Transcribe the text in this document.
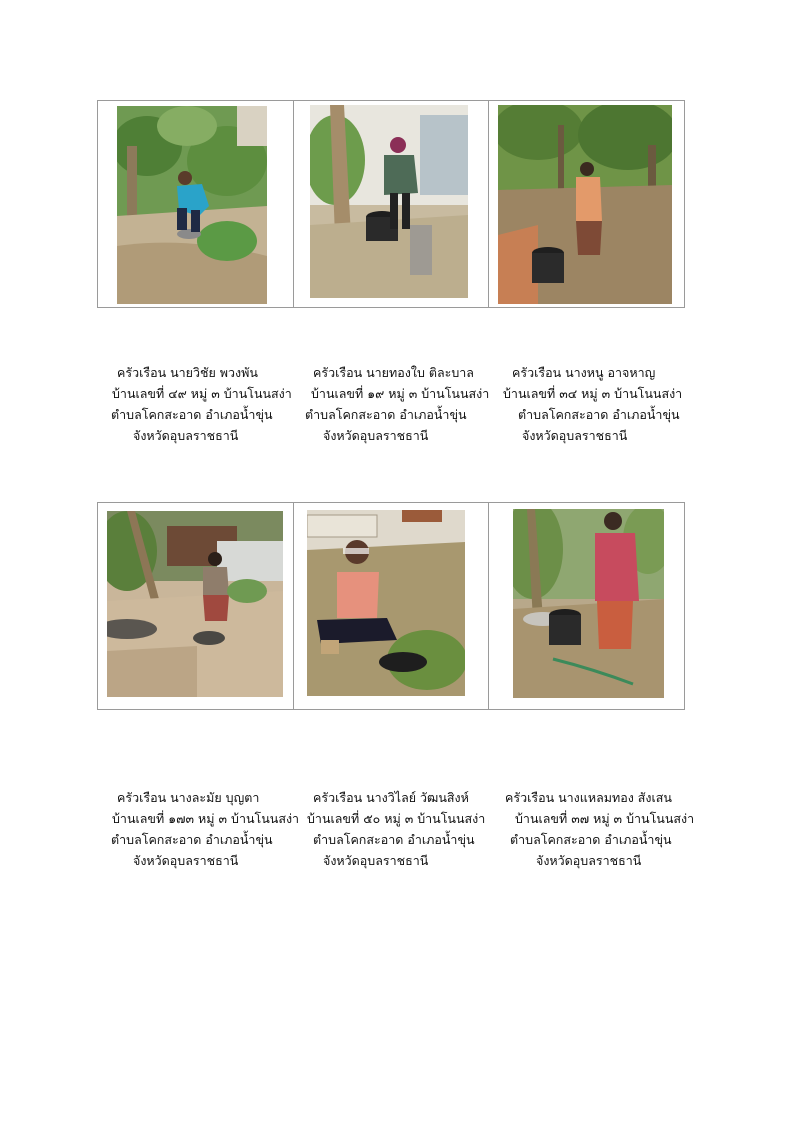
ครัวเรือน นายวิชัย พวงพัน
บ้านเลขที่ ๔๙ หมู่ ๓ บ้านโนนสง่า
ตำบลโคกสะอาด อำเภอน้ำขุ่น
จังหวัดอุบลราชธานี
ครัวเรือน นายทองใบ ติละบาล
บ้านเลขที่ ๑๙ หมู่ ๓ บ้านโนนสง่า
ตำบลโคกสะอาด อำเภอน้ำขุ่น
จังหวัดอุบลราชธานี
ครัวเรือน นางหนู อาจหาญ
บ้านเลขที่ ๓๔ หมู่ ๓ บ้านโนนสง่า
ตำบลโคกสะอาด อำเภอน้ำขุ่น
จังหวัดอุบลราชธานี

ครัวเรือน นางละมัย บุญตา
บ้านเลขที่ ๑๗๓ หมู่ ๓ บ้านโนนสง่า
ตำบลโคกสะอาด อำเภอน้ำขุ่น
จังหวัดอุบลราชธานี
ครัวเรือน นางวิไลย์ วัฒนสิงห์
บ้านเลขที่ ๕๐ หมู่ ๓ บ้านโนนสง่า
ตำบลโคกสะอาด อำเภอน้ำขุ่น
จังหวัดอุบลราชธานี
ครัวเรือน นางแหลมทอง สังเสน
บ้านเลขที่ ๓๗ หมู่ ๓ บ้านโนนสง่า
ตำบลโคกสะอาด อำเภอน้ำขุ่น
จังหวัดอุบลราชธานี
